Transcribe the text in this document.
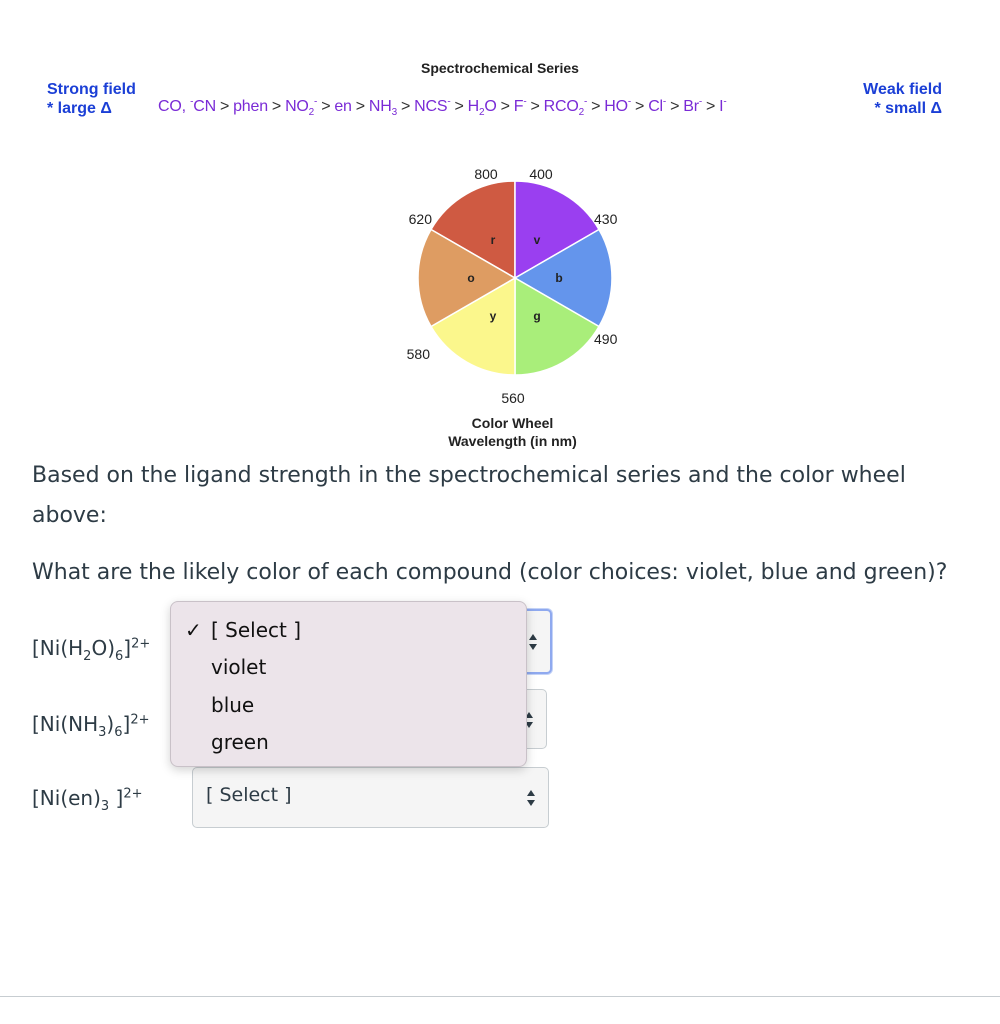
Spectrochemical Series
Strong field
* large Δ
Weak field
* small Δ
CO, -CN > phen > $NO_2^-$ > en > $NH_3 > NCS^- > H_2O > F^- > RCO_2^- > HO^- > Cl^- > Br^- > I^-$
r	v
b
g
y
o
800 400
430
490
560
580
620
Color Wheel
Wavelength (in nm)
Based on the ligand strength in the spectrochemical series and the color wheel above:
What are the likely color of each compound (color choices: violet, blue and green)?
$[Ni(H_2O)_6]^{2+}$
$[Ni(NH_3)_6]^{2+}$
[$Ni(en)_3$ ]$^{2+}$	[ Select ]
✓ [ Select ]
violet
blue
green
